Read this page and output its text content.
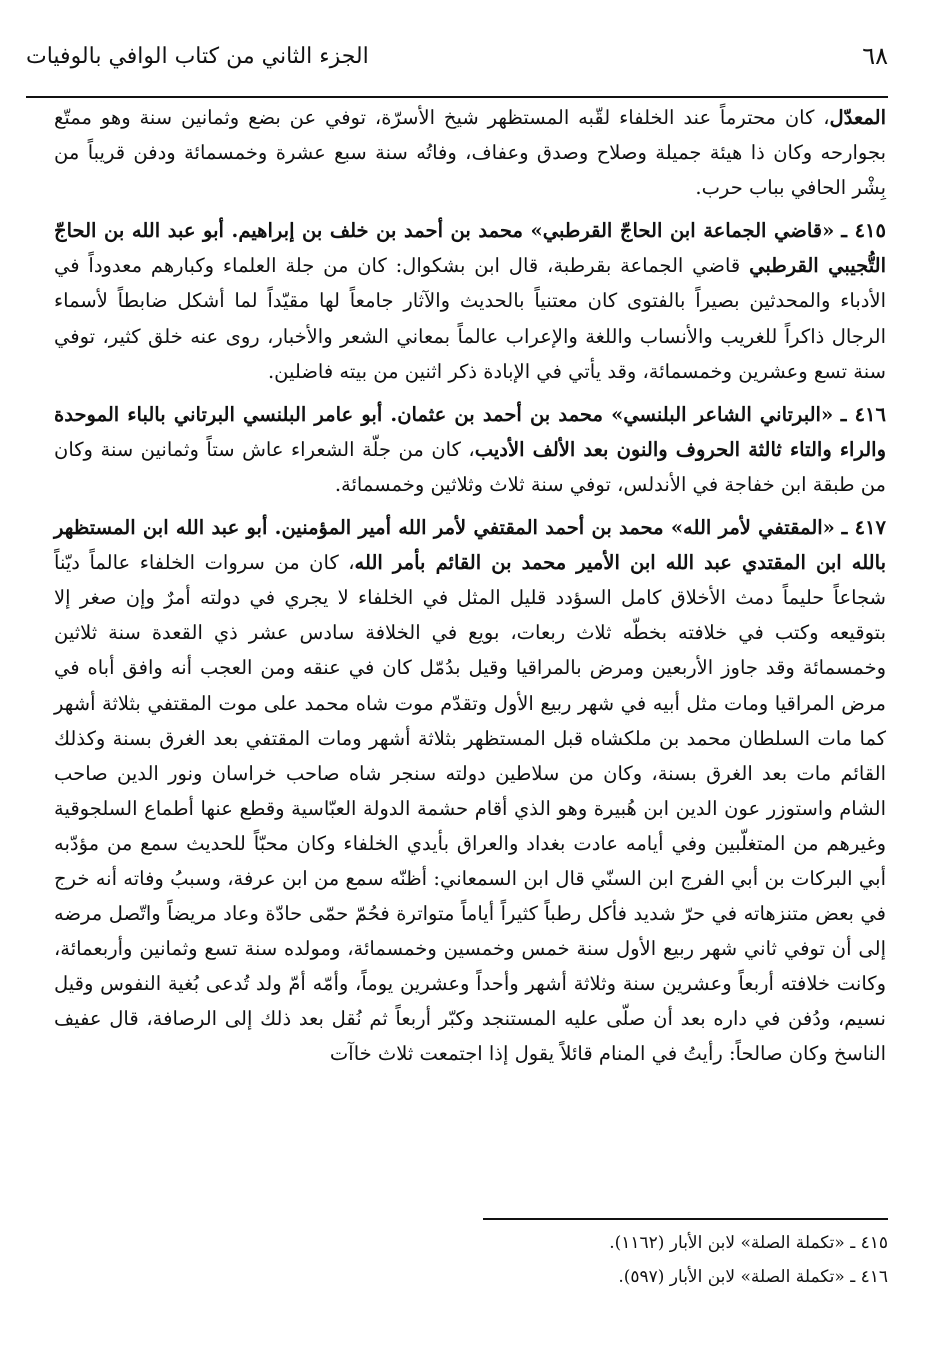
٦٨
الجزء الثاني من كتاب الوافي بالوفيات

المعدّل، كان محترماً عند الخلفاء لقّبه المستظهر شيخ الأسرّة، توفي عن بضع وثمانين سنة وهو ممتّع بجوارحه وكان ذا هيئة جميلة وصلاح وصدق وعفاف، وفاتُه سنة سبع عشرة وخمسمائة ودفن قريباً من بِشْر الحافي بباب حرب.

٤١٥ ـ «قاضي الجماعة ابن الحاجّ القرطبي» محمد بن أحمد بن خلف بن إبراهيم. أبو عبد الله بن الحاجّ التُّجيبي القرطبي قاضي الجماعة بقرطبة، قال ابن بشكوال: كان من جلة العلماء وكبارهم معدوداً في الأدباء والمحدثين بصيراً بالفتوى كان معتنياً بالحديث والآثار جامعاً لها مقيّداً لما أشكل ضابطاً لأسماء الرجال ذاكراً للغريب والأنساب واللغة والإعراب عالماً بمعاني الشعر والأخبار، روى عنه خلق كثير، توفي سنة تسع وعشرين وخمسمائة، وقد يأتي في الإبادة ذكر اثنين من بيته فاضلين.

٤١٦ ـ «البرتاني الشاعر البلنسي» محمد بن أحمد بن عثمان. أبو عامر البلنسي البرتاني بالباء الموحدة والراء والتاء ثالثة الحروف والنون بعد الألف الأديب، كان من جلّة الشعراء عاش ستاً وثمانين سنة وكان من طبقة ابن خفاجة في الأندلس، توفي سنة ثلاث وثلاثين وخمسمائة.

٤١٧ ـ «المقتفي لأمر الله» محمد بن أحمد المقتفي لأمر الله أمير المؤمنين. أبو عبد الله ابن المستظهر بالله ابن المقتدي عبد الله ابن الأمير محمد بن القائم بأمر الله، كان من سروات الخلفاء عالماً ديّناً شجاعاً حليماً دمث الأخلاق كامل السؤدد قليل المثل في الخلفاء لا يجري في دولته أمرٌ وإن صغر إلا بتوقيعه وكتب في خلافته بخطّه ثلاث ربعات، بويع في الخلافة سادس عشر ذي القعدة سنة ثلاثين وخمسمائة وقد جاوز الأربعين ومرض بالمراقيا وقيل بدُمّل كان في عنقه ومن العجب أنه وافق أباه في مرض المراقيا ومات مثل أبيه في شهر ربيع الأول وتقدّم موت شاه محمد على موت المقتفي بثلاثة أشهر كما مات السلطان محمد بن ملكشاه قبل المستظهر بثلاثة أشهر ومات المقتفي بعد الغرق بسنة وكذلك القائم مات بعد الغرق بسنة، وكان من سلاطين دولته سنجر شاه صاحب خراسان ونور الدين صاحب الشام واستوزر عون الدين ابن هُبيرة وهو الذي أقام حشمة الدولة العبّاسية وقطع عنها أطماع السلجوقية وغيرهم من المتغلّبين وفي أيامه عادت بغداد والعراق بأيدي الخلفاء وكان محبّاً للحديث سمع من مؤدّبه أبي البركات بن أبي الفرج ابن السنّي قال ابن السمعاني: أظنّه سمع من ابن عرفة، وسببُ وفاته أنه خرج في بعض متنزهاته في حرّ شديد فأكل رطباً كثيراً أياماً متواترة فحُمّ حمّى حادّة وعاد مريضاً واتّصل مرضه إلى أن توفي ثاني شهر ربيع الأول سنة خمس وخمسين وخمسمائة، ومولده سنة تسع وثمانين وأربعمائة، وكانت خلافته أربعاً وعشرين سنة وثلاثة أشهر وأحداً وعشرين يوماً، وأمّه أمّ ولد تُدعى بُغية النفوس وقيل نسيم، ودُفن في داره بعد أن صلّى عليه المستنجد وكبّر أربعاً ثم نُقل بعد ذلك إلى الرصافة، قال عفيف الناسخ وكان صالحاً: رأيتُ في المنام قائلاً يقول إذا اجتمعت ثلاث خاآت

٤١٥ ـ «تكملة الصلة» لابن الأبار (١١٦٢).

٤١٦ ـ «تكملة الصلة» لابن الأبار (٥٩٧).
